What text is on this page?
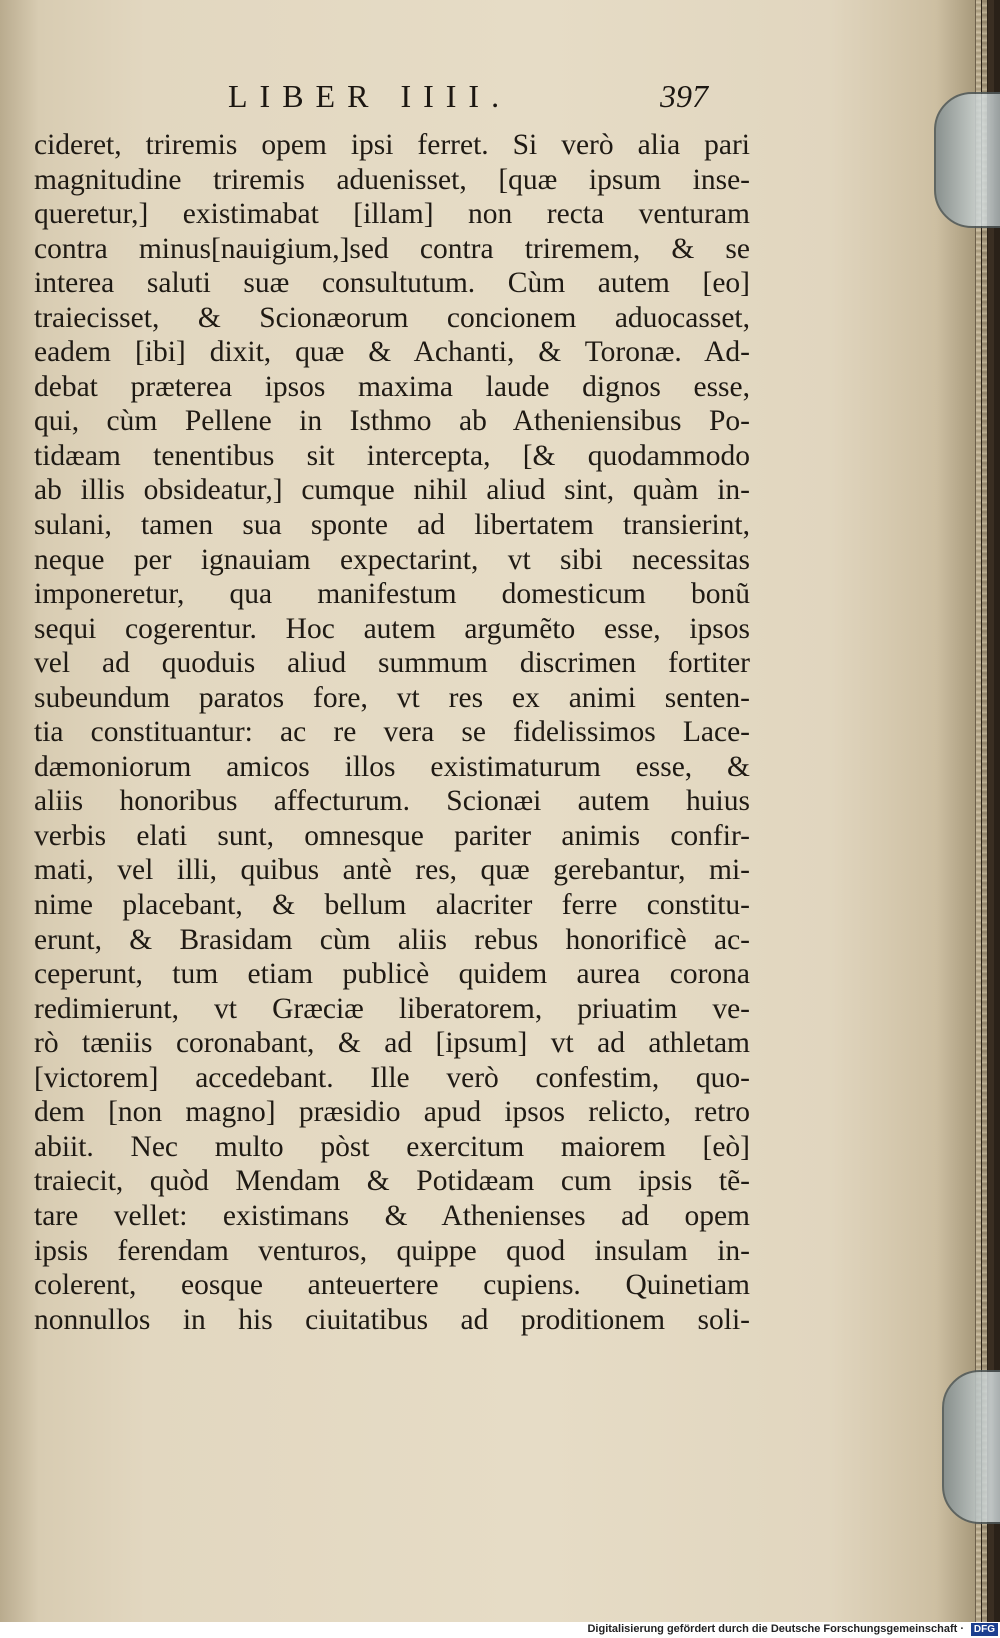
LIBER IIII.	397
cideret, triremis opem ipsi ferret. Si verò alia pari
magnitudine triremis aduenisset, [quæ ipsum inse-
queretur,] existimabat [illam] non recta venturam
contra minus[nauigium,]sed contra triremem, & se
interea saluti suæ consultutum. Cùm autem [eo]
traiecisset, & Scionæorum concionem aduocasset,
eadem [ibi] dixit, quæ & Achanti, & Toronæ. Ad-
debat præterea ipsos maxima laude dignos esse,
qui, cùm Pellene in Isthmo ab Atheniensibus Po-
tidæam tenentibus sit intercepta, [& quodammodo
ab illis obsideatur,] cumque nihil aliud sint, quàm in-
sulani, tamen sua sponte ad libertatem transierint,
neque per ignauiam expectarint, vt sibi necessitas
imponeretur, qua manifestum domesticum bonũ
sequi cogerentur. Hoc autem argumẽto esse, ipsos
vel ad quoduis aliud summum discrimen fortiter
subeundum paratos fore, vt res ex animi senten-
tia constituantur: ac re vera se fidelissimos Lace-
dæmoniorum amicos illos existimaturum esse, &
aliis honoribus affecturum. Scionæi autem huius
verbis elati sunt, omnesque pariter animis confir-
mati, vel illi, quibus antè res, quæ gerebantur, mi-
nime placebant, & bellum alacriter ferre constitu-
erunt, & Brasidam cùm aliis rebus honorificè ac-
ceperunt, tum etiam publicè quidem aurea corona
redimierunt, vt Græciæ liberatorem, priuatim ve-
rò tæniis coronabant, & ad [ipsum] vt ad athletam
[victorem] accedebant. Ille verò confestim, quo-
dem [non magno] præsidio apud ipsos relicto, retro
abiit. Nec multo pòst exercitum maiorem [eò]
traiecit, quòd Mendam & Potidæam cum ipsis tẽ-
tare vellet: existimans & Athenienses ad opem
ipsis ferendam venturos, quippe quod insulam in-
colerent, eosque anteuertere cupiens. Quinetiam
nonnullos in his ciuitatibus ad proditionem soli-
Digitalisierung gefördert durch die Deutsche Forschungsgemeinschaft · DFG
